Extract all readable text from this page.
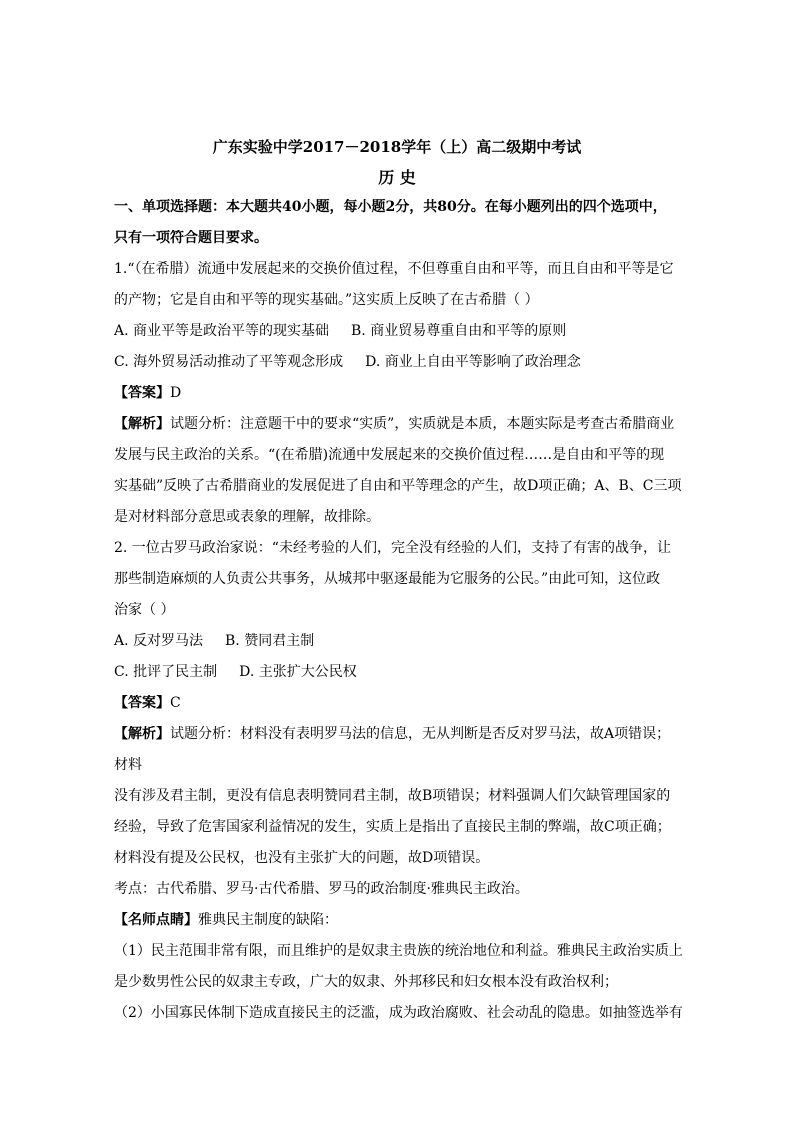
广东实验中学2017－2018学年（上）高二级期中考试
历 史
一、单项选择题：本大题共40小题，每小题2分，共80分。在每小题列出的四个选项中，
只有一项符合题目要求。
1.“（在希腊）流通中发展起来的交换价值过程，不但尊重自由和平等，而且自由和平等是它
的产物；它是自由和平等的现实基础。”这实质上反映了在古希腊（ ）
A. 商业平等是政治平等的现实基础 B. 商业贸易尊重自由和平等的原则
C. 海外贸易活动推动了平等观念形成 D. 商业上自由平等影响了政治理念
【答案】D
【解析】试题分析：注意题干中的要求“实质”，实质就是本质，本题实际是考查古希腊商业
发展与民主政治的关系。“(在希腊)流通中发展起来的交换价值过程……是自由和平等的现
实基础”反映了古希腊商业的发展促进了自由和平等理念的产生，故D项正确；A、B、C三项
是对材料部分意思或表象的理解，故排除。
2. 一位古罗马政治家说：“未经考验的人们，完全没有经验的人们，支持了有害的战争，让
那些制造麻烦的人负责公共事务，从城邦中驱逐最能为它服务的公民。”由此可知，这位政
治家（ ）
A. 反对罗马法 B. 赞同君主制
C. 批评了民主制 D. 主张扩大公民权
【答案】C
【解析】试题分析：材料没有表明罗马法的信息，无从判断是否反对罗马法，故A项错误；
材料
没有涉及君主制，更没有信息表明赞同君主制，故B项错误；材料强调人们欠缺管理国家的
经验，导致了危害国家利益情况的发生，实质上是指出了直接民主制的弊端，故C项正确；
材料没有提及公民权，也没有主张扩大的问题，故D项错误。
考点：古代希腊、罗马·古代希腊、罗马的政治制度·雅典民主政治。
【名师点睛】雅典民主制度的缺陷：
（1）民主范围非常有限，而且维护的是奴隶主贵族的统治地位和利益。雅典民主政治实质上
是少数男性公民的奴隶主专政，广大的奴隶、外邦移民和妇女根本没有政治权利；
（2）小国寡民体制下造成直接民主的泛滥，成为政治腐败、社会动乱的隐患。如抽签选举有
